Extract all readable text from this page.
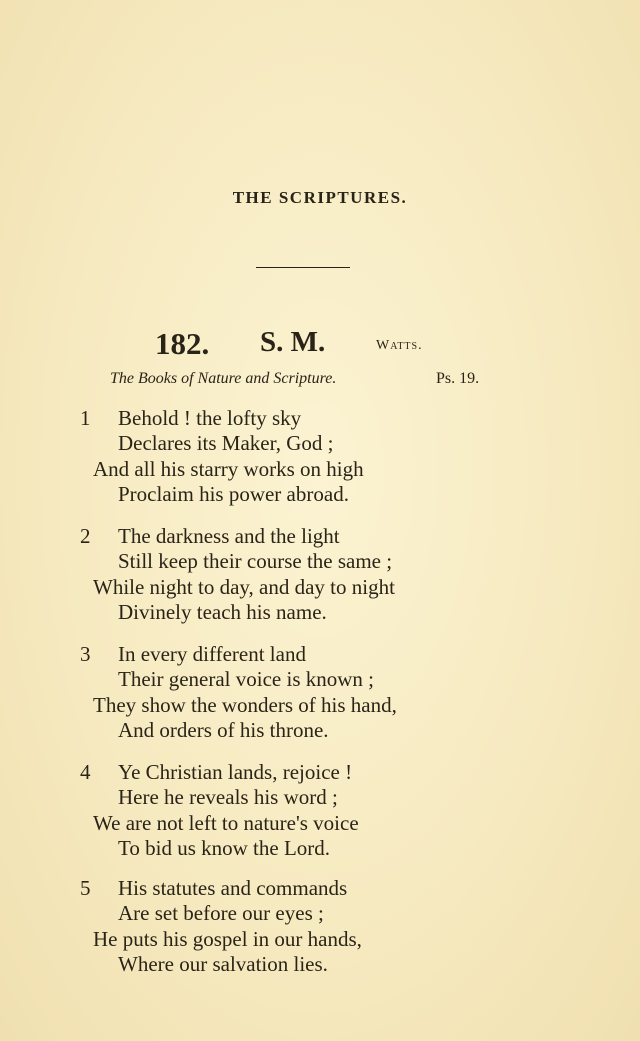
THE SCRIPTURES.
182. S. M.	Watts.
The Books of Nature and Scripture.	Ps. 19.
1 Behold ! the lofty sky
Declares its Maker, God ;
And all his starry works on high
Proclaim his power abroad.
2 The darkness and the light
Still keep their course the same ;
While night to day, and day to night
Divinely teach his name.
3 In every different land
Their general voice is known ;
They show the wonders of his hand,
And orders of his throne.
4 Ye Christian lands, rejoice !
Here he reveals his word ;
We are not left to nature's voice
To bid us know the Lord.
5 His statutes and commands
Are set before our eyes ;
He puts his gospel in our hands,
Where our salvation lies.
